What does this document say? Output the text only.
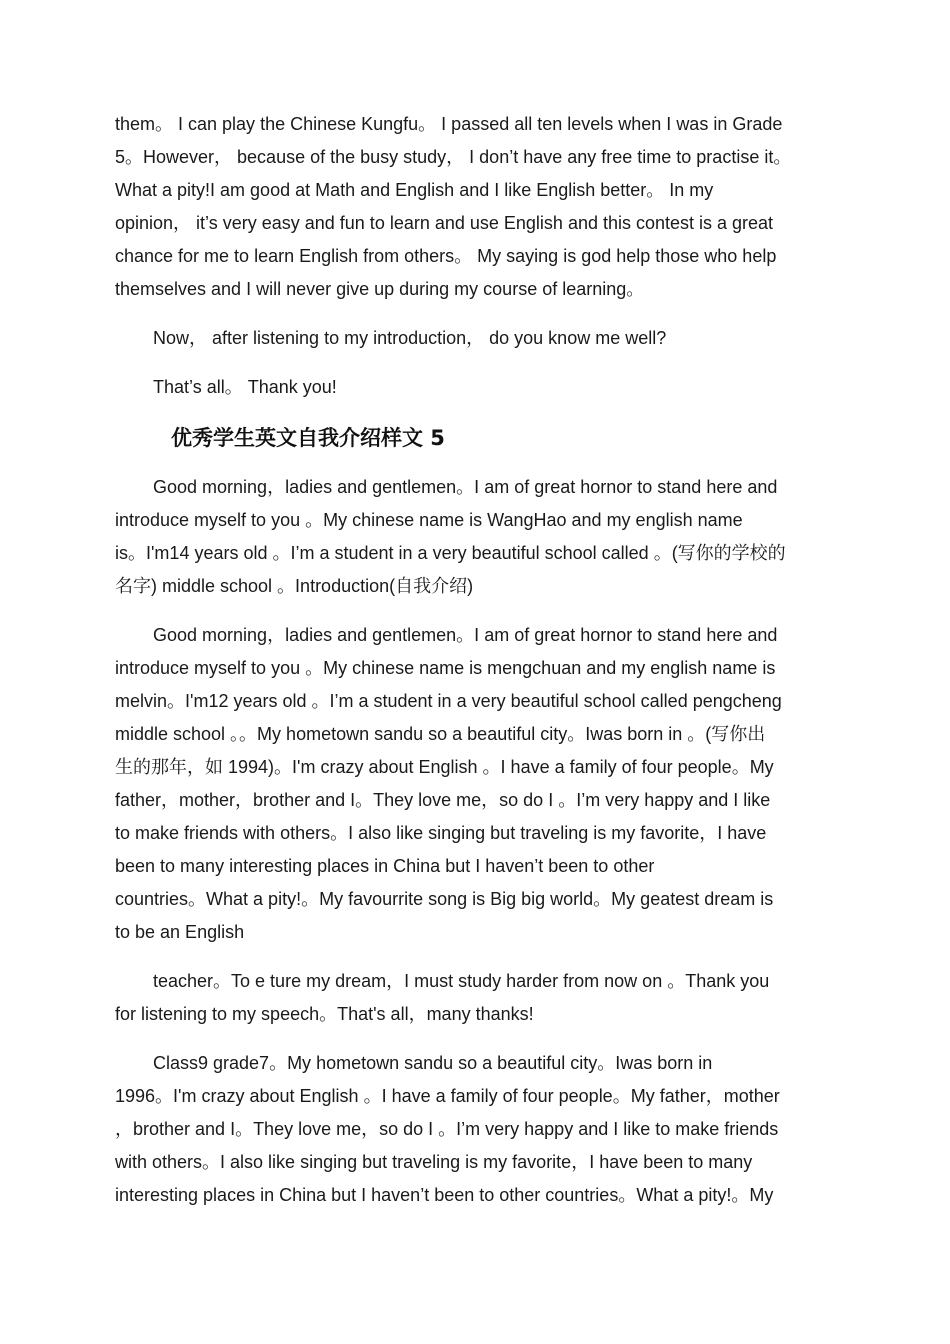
them。 I can play the Chinese Kungfu。 I passed all ten levels when I was in Grade
5。However， because of the busy study， I don’t have any free time to practise it。
What a pity!I am good at Math and English and I like English better。 In my
opinion， it’s very easy and fun to learn and use English and this contest is a great
chance for me to learn English from others。 My saying is god help those who help
themselves and I will never give up during my course of learning。

Now， after listening to my introduction， do you know me well?

That’s all。 Thank you!

优秀学生英文自我介绍样文 5

Good morning，ladies and gentlemen。I am of great hornor to stand here and
introduce myself to you 。My chinese name is WangHao and my english name
is。I'm14 years old 。I’m a student in a very beautiful school called 。(写你的学校的
名字) middle school 。Introduction(自我介绍)

Good morning，ladies and gentlemen。I am of great hornor to stand here and
introduce myself to you 。My chinese name is mengchuan and my english name is
melvin。I'm12 years old 。I’m a student in a very beautiful school called pengcheng
middle school 。。My hometown sandu so a beautiful city。Iwas born in 。(写你出
生的那年，如 1994)。I'm crazy about English 。I have a family of four people。My
father，mother，brother and I。They love me，so do I 。I’m very happy and I like
to make friends with others。I also like singing but traveling is my favorite，I have
been to many interesting places in China but I haven’t been to other
countries。What a pity!。My favourrite song is Big big world。My geatest dream is
to be an English

teacher。To e ture my dream，I must study harder from now on 。Thank you
for listening to my speech。That's all，many thanks!

Class9 grade7。My hometown sandu so a beautiful city。Iwas born in
1996。I'm crazy about English 。I have a family of four people。My father，mother
，brother and I。They love me，so do I 。I’m very happy and I like to make friends
with others。I also like singing but traveling is my favorite，I have been to many
interesting places in China but I haven’t been to other countries。What a pity!。My
